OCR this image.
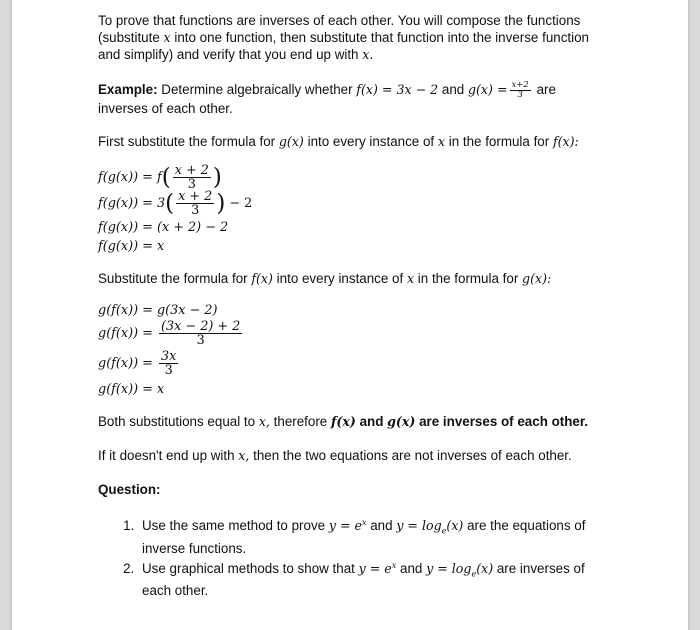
To prove that functions are inverses of each other. You will compose the functions (substitute x into one function, then substitute that function into the inverse function and simplify) and verify that you end up with x.

Example: Determine algebraically whether f(x) = 3x − 2 and $g(x) = \frac{x+2}{3}$ are
inverses of each other.

First substitute the formula for g(x) into every instance of x in the formula for f(x):

$f(g(x)) = f( \frac{x + 2}{3}$ )
$f(g(x)) = 3( \frac{x + 2}{3}$ ) − 2
f(g(x)) = (x + 2) − 2
f(g(x)) = x

Substitute the formula for f(x) into every instance of x in the formula for g(x):

g(f(x)) = g(3x − 2)
$g(f(x)) = \frac{(3x - 2) + 2}{3}$
$g(f(x)) = \frac{3x}{3}$
g(f(x)) = x

Both substitutions equal to x, therefore f(x) and g(x) are inverses of each other.

If it doesn't end up with x, then the two equations are not inverses of each other.

Question:

1. Use the same method to prove $y = e^x$ and $y = \log_e(x)$ are the equations of inverse functions.
2. Use graphical methods to show that $y = e^x$ and $y = \log_e(x)$ are inverses of each other.
